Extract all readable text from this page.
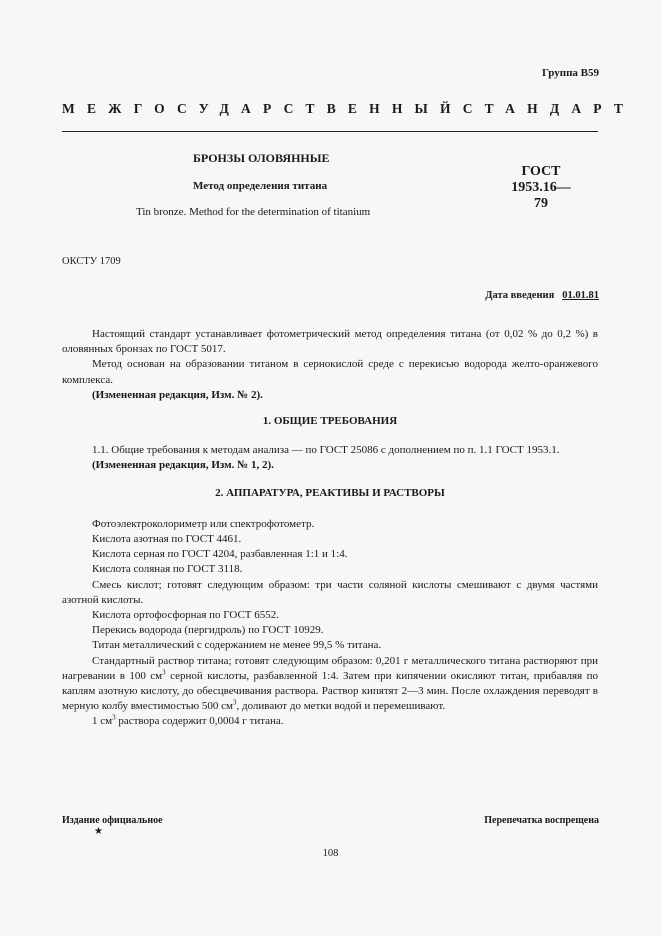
Группа В59
МЕЖГОСУДАРСТВЕННЫЙ СТАНДАРТ
БРОНЗЫ ОЛОВЯННЫЕ
Метод определения титана
ГОСТ
1953.16—79
Tin bronze. Method for the determination of titanium
ОКСТУ 1709
Дата введения 01.01.81

Настоящий стандарт устанавливает фотометрический метод определения титана (от 0,02 % до 0,2 %) в оловянных бронзах по ГОСТ 5017.

Метод основан на образовании титаном в сернокислой среде с перекисью водорода желто-оранжевого комплекса.

(Измененная редакция, Изм. № 2).

1. ОБЩИЕ ТРЕБОВАНИЯ

1.1. Общие требования к методам анализа — по ГОСТ 25086 с дополнением по п. 1.1 ГОСТ 1953.1.

(Измененная редакция, Изм. № 1, 2).

2. АППАРАТУРА, РЕАКТИВЫ И РАСТВОРЫ

Фотоэлектроколориметр или спектрофотометр.

Кислота азотная по ГОСТ 4461.

Кислота серная по ГОСТ 4204, разбавленная 1:1 и 1:4.

Кислота соляная по ГОСТ 3118.

Смесь кислот; готовят следующим образом: три части соляной кислоты смешивают с двумя частями азотной кислоты.

Кислота ортофосфорная по ГОСТ 6552.

Перекись водорода (пергидроль) по ГОСТ 10929.

Титан металлический с содержанием не менее 99,5 % титана.

Стандартный раствор титана; готовят следующим образом: 0,201 г металлического титана растворяют при нагревании в 100 $см^3$ серной кислоты, разбавленной 1:4. Затем при кипячении окисляют титан, прибавляя по каплям азотную кислоту, до обесцвечивания раствора. Раствор кипятят 2—3 мин. После охлаждения переводят в мерную колбу вместимостью 500 $см^3$, доливают до метки водой и перемешивают.

1 $см^3$ раствора содержит 0,0004 г титана.

Издание официальное
★
Перепечатка воспрещена
108
